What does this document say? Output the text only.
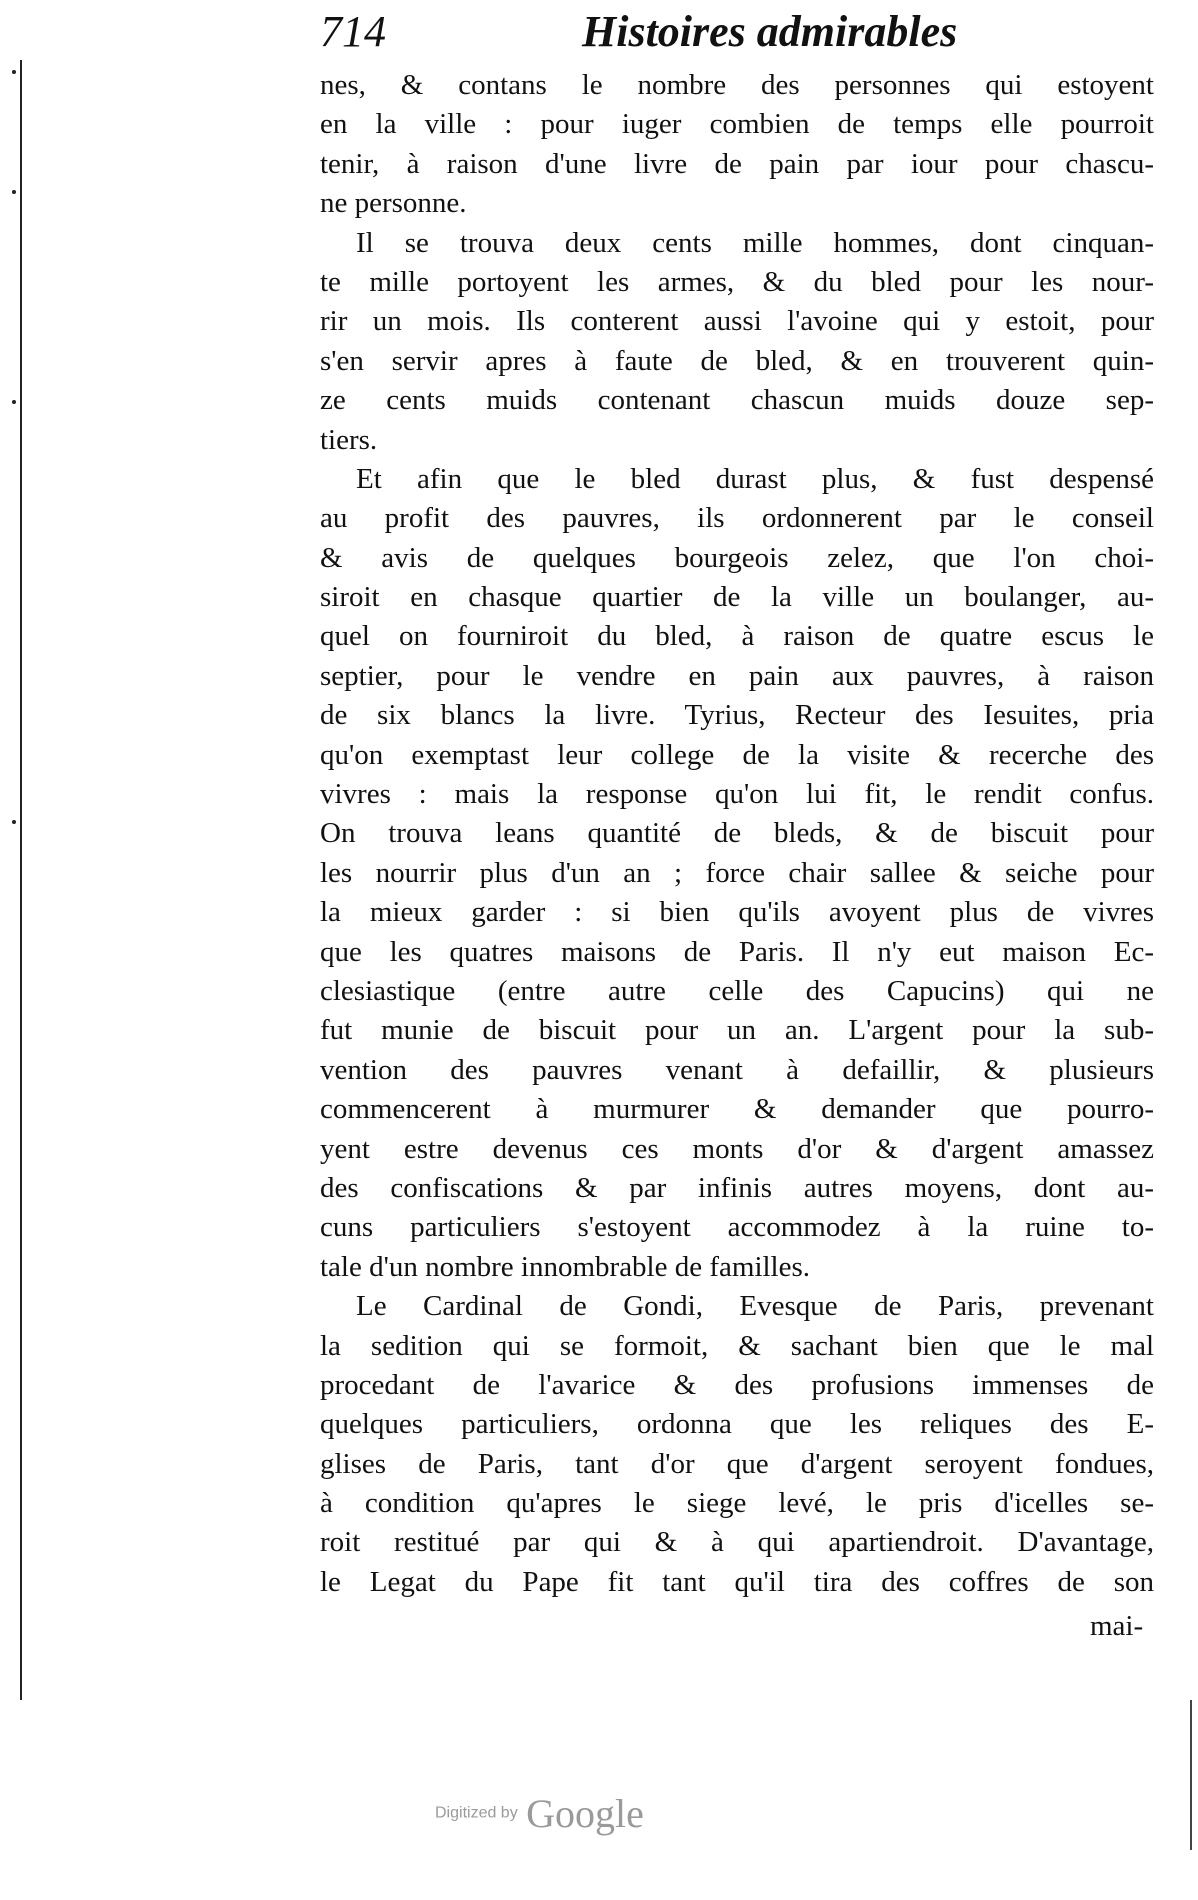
714	Histoires admirables
nes, & contans le nombre des personnes qui estoyent
en la ville : pour iuger combien de temps elle pourroit
tenir, à raison d'une livre de pain par iour pour chascu-
ne personne.
Il se trouva deux cents mille hommes, dont cinquan-
te mille portoyent les armes, & du bled pour les nour-
rir un mois. Ils conterent aussi l'avoine qui y estoit, pour
s'en servir apres à faute de bled, & en trouverent quin-
ze cents muids contenant chascun muids douze sep-
tiers.
Et afin que le bled durast plus, & fust despensé
au profit des pauvres, ils ordonnerent par le conseil
& avis de quelques bourgeois zelez, que l'on choi-
siroit en chasque quartier de la ville un boulanger, au-
quel on fourniroit du bled, à raison de quatre escus le
septier, pour le vendre en pain aux pauvres, à raison
de six blancs la livre. Tyrius, Recteur des Iesuites, pria
qu'on exemptast leur college de la visite & recerche des
vivres : mais la response qu'on lui fit, le rendit confus.
On trouva leans quantité de bleds, & de biscuit pour
les nourrir plus d'un an ; force chair sallee & seiche pour
la mieux garder : si bien qu'ils avoyent plus de vivres
que les quatres maisons de Paris. Il n'y eut maison Ec-
clesiastique (entre autre celle des Capucins) qui ne
fut munie de biscuit pour un an. L'argent pour la sub-
vention des pauvres venant à defaillir, & plusieurs
commencerent à murmurer & demander que pourro-
yent estre devenus ces monts d'or & d'argent amassez
des confiscations & par infinis autres moyens, dont au-
cuns particuliers s'estoyent accommodez à la ruine to-
tale d'un nombre innombrable de familles.
Le Cardinal de Gondi, Evesque de Paris, prevenant
la sedition qui se formoit, & sachant bien que le mal
procedant de l'avarice & des profusions immenses de
quelques particuliers, ordonna que les reliques des E-
glises de Paris, tant d'or que d'argent seroyent fondues,
à condition qu'apres le siege levé, le pris d'icelles se-
roit restitué par qui & à qui apartiendroit. D'avantage,
le Legat du Pape fit tant qu'il tira des coffres de son
mai-
Digitized by Google
